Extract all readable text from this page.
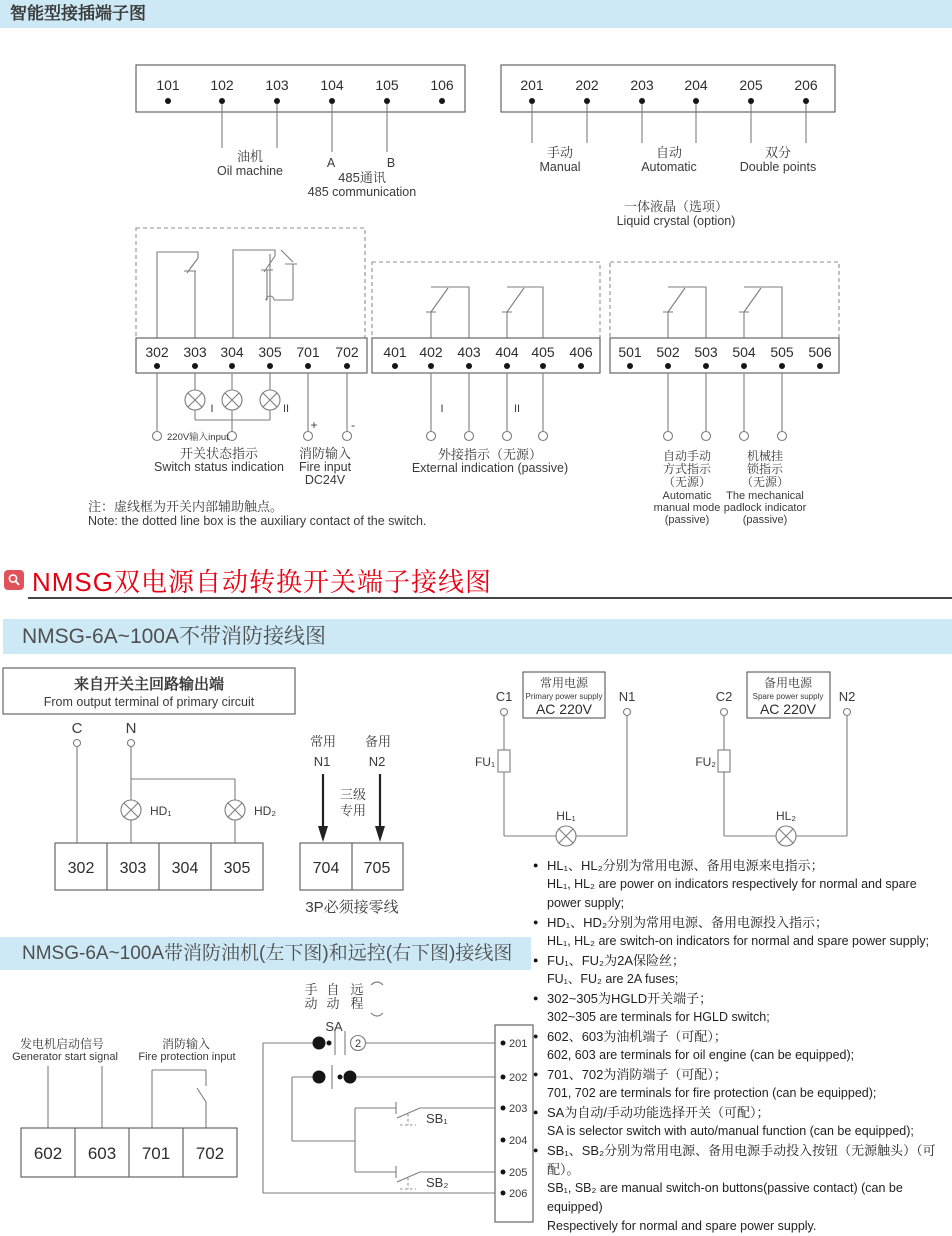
智能型接插端子图
101 102 103 104 105 106
油机
Oil machine
A	B
485通讯
485 communication
201 202 203 204 205 206
手动
Manual
自动
Automatic
双分
Double points
一体液晶（选项）
Liquid crystal (option)
302 303 304 305 701 702
I	II
220V输入input
+	-
开关状态指示
Switch status indication
消防输入
Fire input
DC24V
401 402 403 404 405 406
I	II
外接指示（无源）
External indication (passive)
501 502 503 504 505 506
自动手动
方式指示
（无源）
Automatic
manual mode
(passive)
机械挂
锁指示
（无源）
The mechanical
padlock indicator
(passive)
注：虚线框为开关内部辅助触点。
Note: the dotted line box is the auxiliary contact of the switch.
NMSG双电源自动转换开关端子接线图
NMSG-6A~100A不带消防接线图
来自开关主回路输出端
From output terminal of primary circuit
C	N
HD₁	HD₂
302 303 304 305
常用
N1
备用
N2
三级
专用
704 705
3P必须接零线
C1
常用电源
Primary power supply
AC 220V
N1
FU₁
HL₁
C2
备用电源
Spare power supply
AC 220V
N2
FU₂
HL₂
NMSG-6A~100A带消防油机(左下图)和远控(右下图)接线图
发电机启动信号
Generator start signal
消防输入
Fire protection input
602 603 701 702
手
动
自
动
远
程
SA
2
SB₁
SB₂
201
202
203
204
205
206
● HL₁、HL₂分别为常用电源、备用电源来电指示；
HL₁, HL₂ are power on indicators respectively for normal and spare power supply;
● HD₁、HD₂分别为常用电源、备用电源投入指示；
HL₁, HL₂ are switch-on indicators for normal and spare power supply;
● FU₁、FU₂为2A保险丝；
FU₁、FU₂ are 2A fuses;
● 302~305为HGLD开关端子；
302~305 are terminals for HGLD switch;
● 602、603为油机端子（可配）；
602, 603 are terminals for oil engine (can be equipped);
● 701、702为消防端子（可配）；
701, 702 are terminals for fire protection (can be equipped);
● SA为自动/手动功能选择开关（可配）；
SA is selector switch with auto/manual function (can be equipped);
● SB₁、SB₂分别为常用电源、备用电源手动投入按钮（无源触头）（可配）。
SB₁, SB₂ are manual switch-on buttons(passive contact) (can be equipped)
Respectively for normal and spare power supply.
